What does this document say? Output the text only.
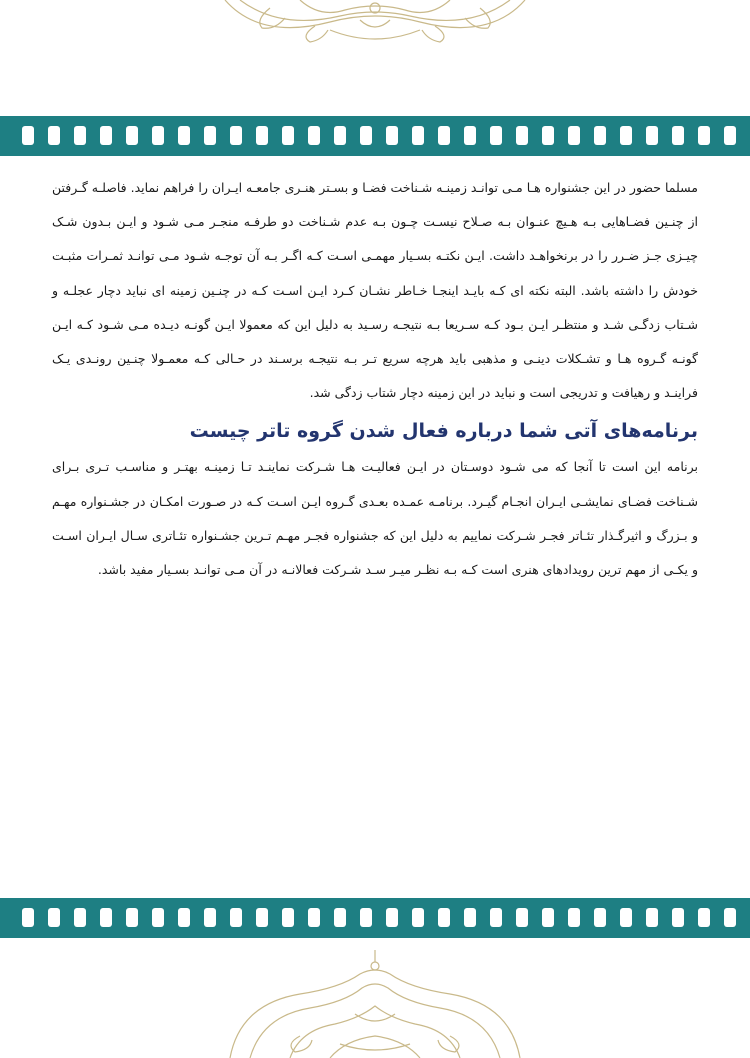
مسلما حضور در این جشنواره هـا مـی توانـد زمینـه شـناخت فضـا و بسـتر هنـری جامعـه ایـران را فراهم نماید. فاصلـه گـرفتن از چنـین فضـاهایی بـه هـیچ عنـوان بـه صـلاح نیسـت چـون بـه عدم شـناخت دو طرفـه منجـر مـی شـود و ایـن بـدون شـک چیـزی جـز ضـرر را در برنخواهـد داشت. ایـن نکتـه بسـیار مهمـی اسـت کـه اگـر بـه آن توجـه شـود مـی توانـد ثمـرات مثبـت خودش را داشته باشد. البته نکته ای کـه بایـد اینجـا خـاطر نشـان کـرد ایـن اسـت کـه در چنـین زمینه ای نباید دچار عجلـه و شـتاب زدگـی شـد و منتظـر ایـن بـود کـه سـریعا بـه نتیجـه رسـید به دلیل این که معمولا ایـن گونـه دیـده مـی شـود کـه ایـن گونـه گـروه هـا و تشـکلات دینـی و مذهبی باید هرچه سریع تـر بـه نتیجـه برسـند در حـالی کـه معمـولا چنـین رونـدی یـک فراینـد و رهیافت و تدریجی است و نباید در این زمینه دچار شتاب زدگی شد.

برنامه‌های آتی شما درباره فعال شدن گروه تاتر چیست

برنامه این است تا آنجا که می شـود دوسـتان در ایـن فعالیـت هـا شـرکت نماینـد تـا زمینـه بهتـر و مناسـب تـری بـرای شـناخت فضـای نمایشـی ایـران انجـام گیـرد. برنامـه عمـده بعـدی گـروه ایـن اسـت کـه در صـورت امکـان در جشـنواره مهـم و بـزرگ و اثیرگـذار تئـاتر فجـر شـرکت نماییم به دلیل این که جشنواره فجـر مهـم تـرین جشـنواره تئـاتری سـال ایـران اسـت و یکـی از مهم ترین رویدادهای هنری است کـه بـه نظـر میـر سـد شـرکت فعالانـه در آن مـی توانـد بسـیار مفید باشد.
